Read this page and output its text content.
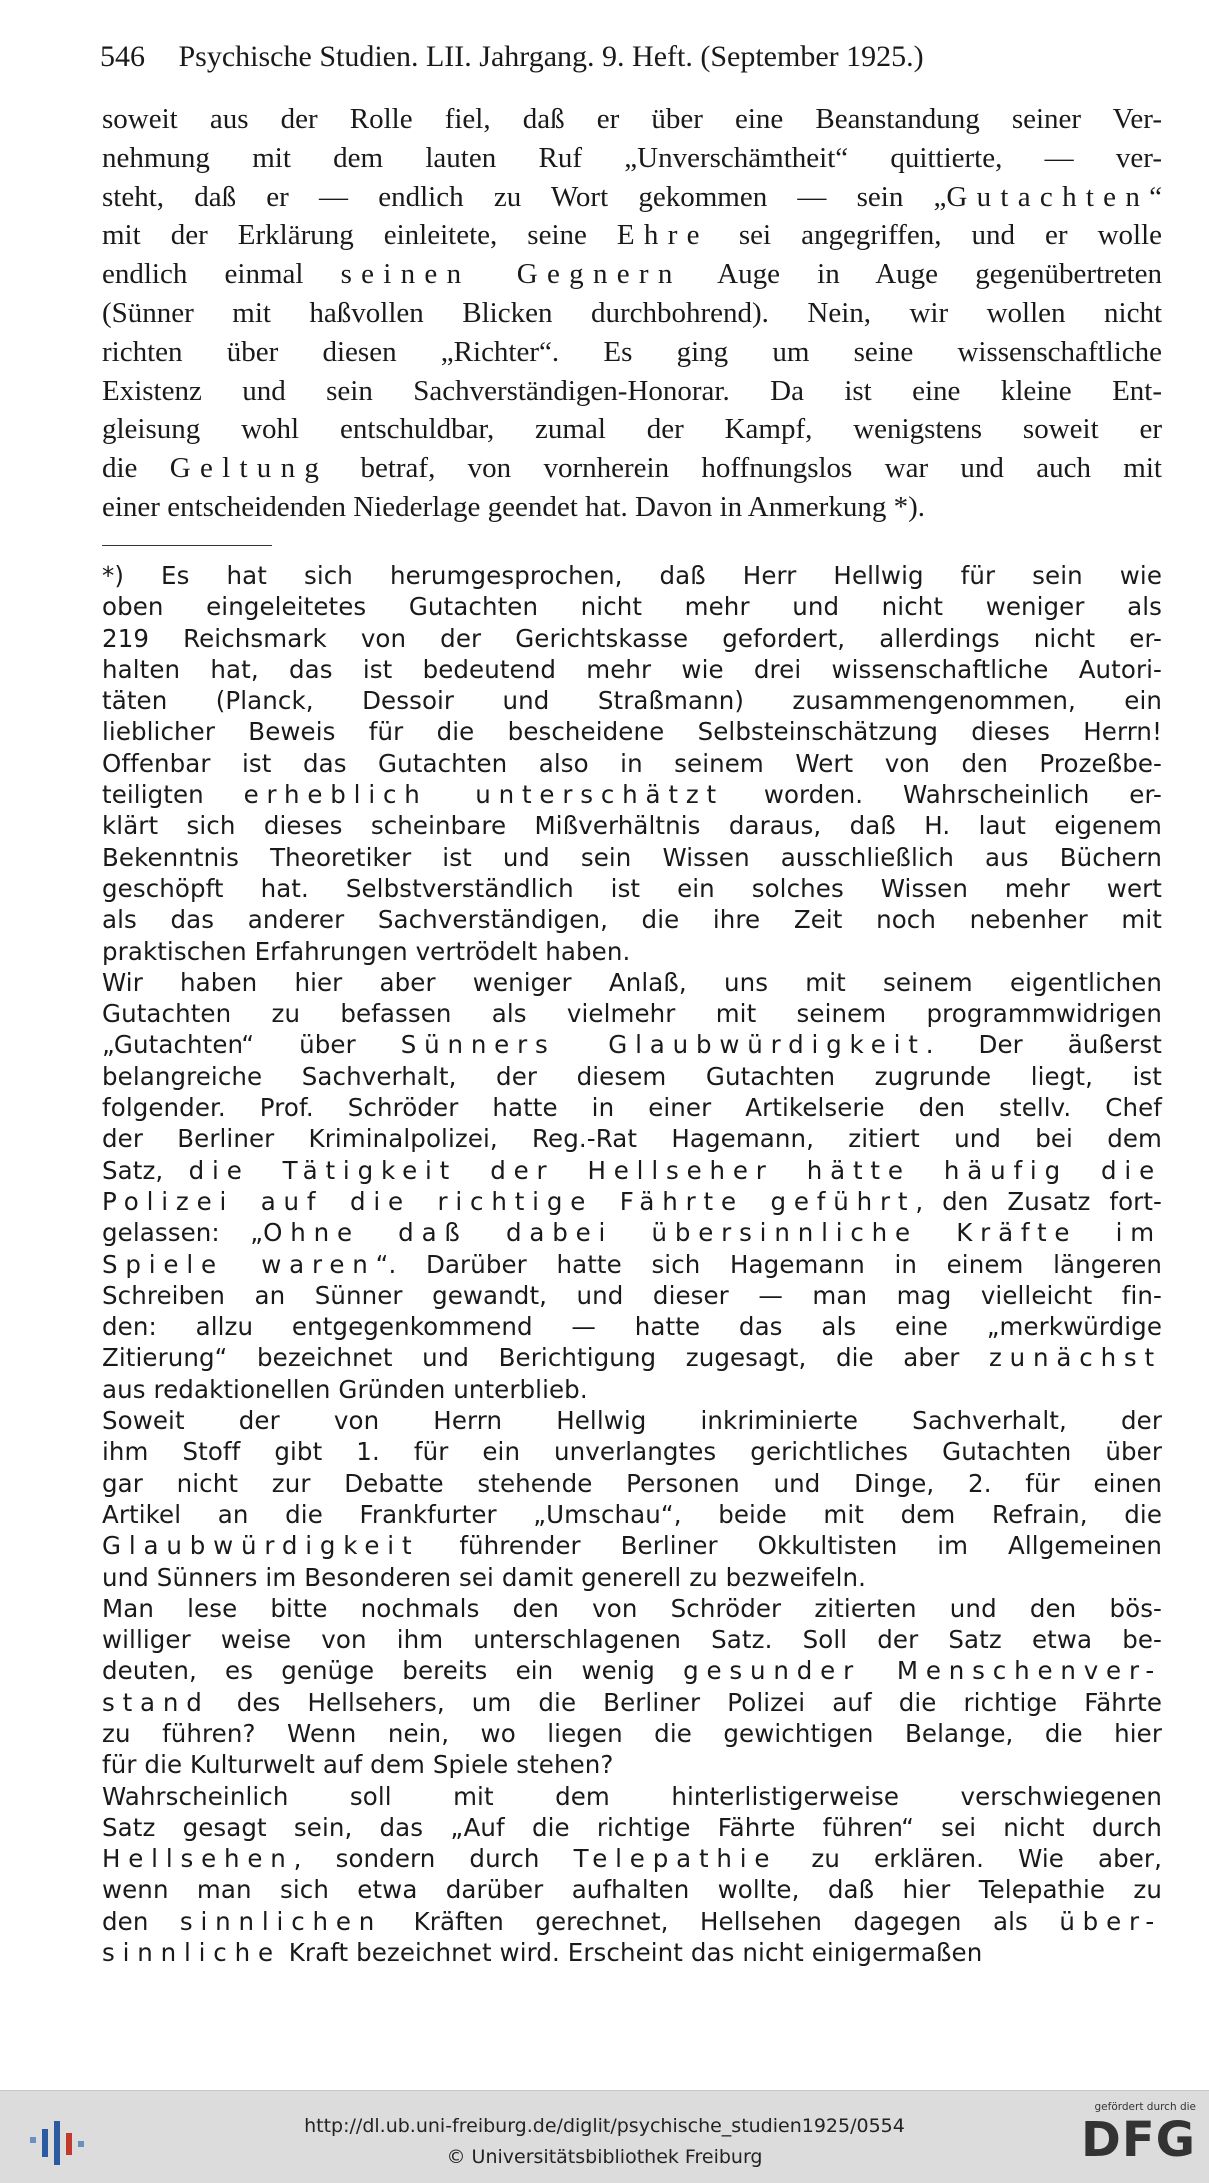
546 Psychische Studien. LII. Jahrgang. 9. Heft. (September 1925.)
soweit aus der Rolle fiel, daß er über eine Beanstandung seiner Ver-
nehmung mit dem lauten Ruf „Unverschämtheit“ quittierte, — ver-
steht, daß er — endlich zu Wort gekommen — sein „Gutachten“
mit der Erklärung einleitete, seine Ehre sei angegriffen, und er wolle
endlich einmal seinen Gegnern Auge in Auge gegenübertreten
(Sünner mit haßvollen Blicken durchbohrend). Nein, wir wollen nicht
richten über diesen „Richter“. Es ging um seine wissenschaftliche
Existenz und sein Sachverständigen-Honorar. Da ist eine kleine Ent-
gleisung wohl entschuldbar, zumal der Kampf, wenigstens soweit er
die Geltung betraf, von vornherein hoffnungslos war und auch mit
einer entscheidenden Niederlage geendet hat. Davon in Anmerkung *).
*) Es hat sich herumgesprochen, daß Herr Hellwig für sein wie
oben eingeleitetes Gutachten nicht mehr und nicht weniger als
219 Reichsmark von der Gerichtskasse gefordert, allerdings nicht er-
halten hat, das ist bedeutend mehr wie drei wissenschaftliche Autori-
täten (Planck, Dessoir und Straßmann) zusammengenommen, ein
lieblicher Beweis für die bescheidene Selbsteinschätzung dieses Herrn!
Offenbar ist das Gutachten also in seinem Wert von den Prozeßbe-
teiligten erheblich unterschätzt worden. Wahrscheinlich er-
klärt sich dieses scheinbare Mißverhältnis daraus, daß H. laut eigenem
Bekenntnis Theoretiker ist und sein Wissen ausschließlich aus Büchern
geschöpft hat. Selbstverständlich ist ein solches Wissen mehr wert
als das anderer Sachverständigen, die ihre Zeit noch nebenher mit
praktischen Erfahrungen vertrödelt haben.
Wir haben hier aber weniger Anlaß, uns mit seinem eigentlichen
Gutachten zu befassen als vielmehr mit seinem programmwidrigen
„Gutachten“ über Sünners Glaubwürdigkeit. Der äußerst
belangreiche Sachverhalt, der diesem Gutachten zugrunde liegt, ist
folgender. Prof. Schröder hatte in einer Artikelserie den stellv. Chef
der Berliner Kriminalpolizei, Reg.-Rat Hagemann, zitiert und bei dem
Satz, die Tätigkeit der Hellseher hätte häufig die
Polizei auf die richtige Fährte geführt, den Zusatz fort-
gelassen: „Ohne daß dabei übersinnliche Kräfte im
Spiele waren“. Darüber hatte sich Hagemann in einem längeren
Schreiben an Sünner gewandt, und dieser — man mag vielleicht fin-
den: allzu entgegenkommend — hatte das als eine „merkwürdige
Zitierung“ bezeichnet und Berichtigung zugesagt, die aber zunächst
aus redaktionellen Gründen unterblieb.
Soweit der von Herrn Hellwig inkriminierte Sachverhalt, der
ihm Stoff gibt 1. für ein unverlangtes gerichtliches Gutachten über
gar nicht zur Debatte stehende Personen und Dinge, 2. für einen
Artikel an die Frankfurter „Umschau“, beide mit dem Refrain, die
Glaubwürdigkeit führender Berliner Okkultisten im Allgemeinen
und Sünners im Besonderen sei damit generell zu bezweifeln.
Man lese bitte nochmals den von Schröder zitierten und den bös-
williger weise von ihm unterschlagenen Satz. Soll der Satz etwa be-
deuten, es genüge bereits ein wenig gesunder Menschenver-
stand des Hellsehers, um die Berliner Polizei auf die richtige Fährte
zu führen? Wenn nein, wo liegen die gewichtigen Belange, die hier
für die Kulturwelt auf dem Spiele stehen?
Wahrscheinlich soll mit dem hinterlistigerweise verschwiegenen
Satz gesagt sein, das „Auf die richtige Fährte führen“ sei nicht durch
Hellsehen, sondern durch Telepathie zu erklären. Wie aber,
wenn man sich etwa darüber aufhalten wollte, daß hier Telepathie zu
den sinnlichen Kräften gerechnet, Hellsehen dagegen als über-
sinnliche Kraft bezeichnet wird. Erscheint das nicht einigermaßen
http://dl.ub.uni-freiburg.de/diglit/psychische_studien1925/0554
© Universitätsbibliothek Freiburg
gefördert durch die
DFG
